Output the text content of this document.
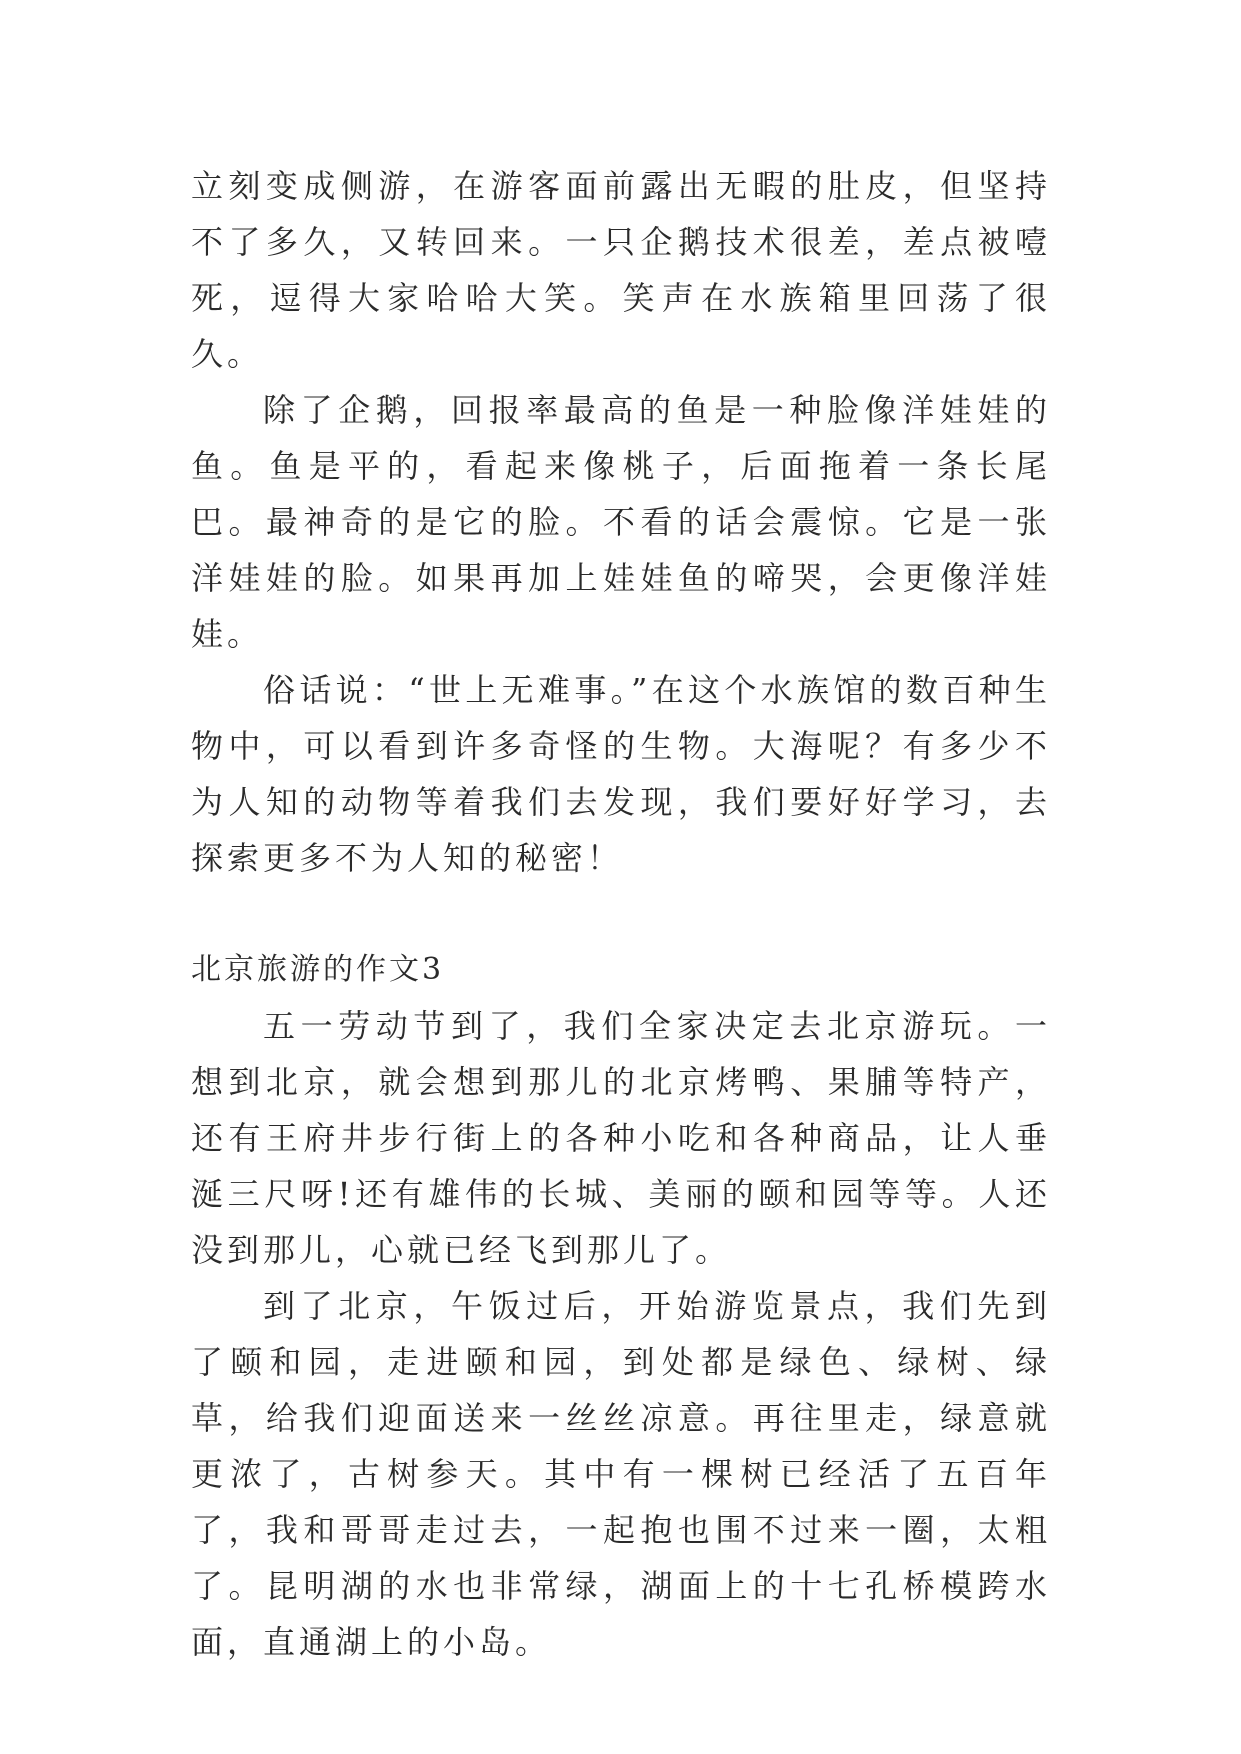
立刻变成侧游，在游客面前露出无暇的肚皮，但坚持不了多久，又转回来。一只企鹅技术很差，差点被噎死，逗得大家哈哈大笑。笑声在水族箱里回荡了很久。

除了企鹅，回报率最高的鱼是一种脸像洋娃娃的鱼。鱼是平的，看起来像桃子，后面拖着一条长尾巴。最神奇的是它的脸。不看的话会震惊。它是一张洋娃娃的脸。如果再加上娃娃鱼的啼哭，会更像洋娃娃。

俗话说：“世上无难事。”在这个水族馆的数百种生物中，可以看到许多奇怪的生物。大海呢？有多少不为人知的动物等着我们去发现，我们要好好学习，去探索更多不为人知的秘密！

北京旅游的作文3

五一劳动节到了，我们全家决定去北京游玩。一想到北京，就会想到那儿的北京烤鸭、果脯等特产，还有王府井步行街上的各种小吃和各种商品，让人垂涎三尺呀!还有雄伟的长城、美丽的颐和园等等。人还没到那儿，心就已经飞到那儿了。

到了北京，午饭过后，开始游览景点，我们先到了颐和园，走进颐和园，到处都是绿色、绿树、绿草，给我们迎面送来一丝丝凉意。再往里走，绿意就更浓了，古树参天。其中有一棵树已经活了五百年了，我和哥哥走过去，一起抱也围不过来一圈，太粗了。昆明湖的水也非常绿，湖面上的十七孔桥模跨水面，直通湖上的小岛。
